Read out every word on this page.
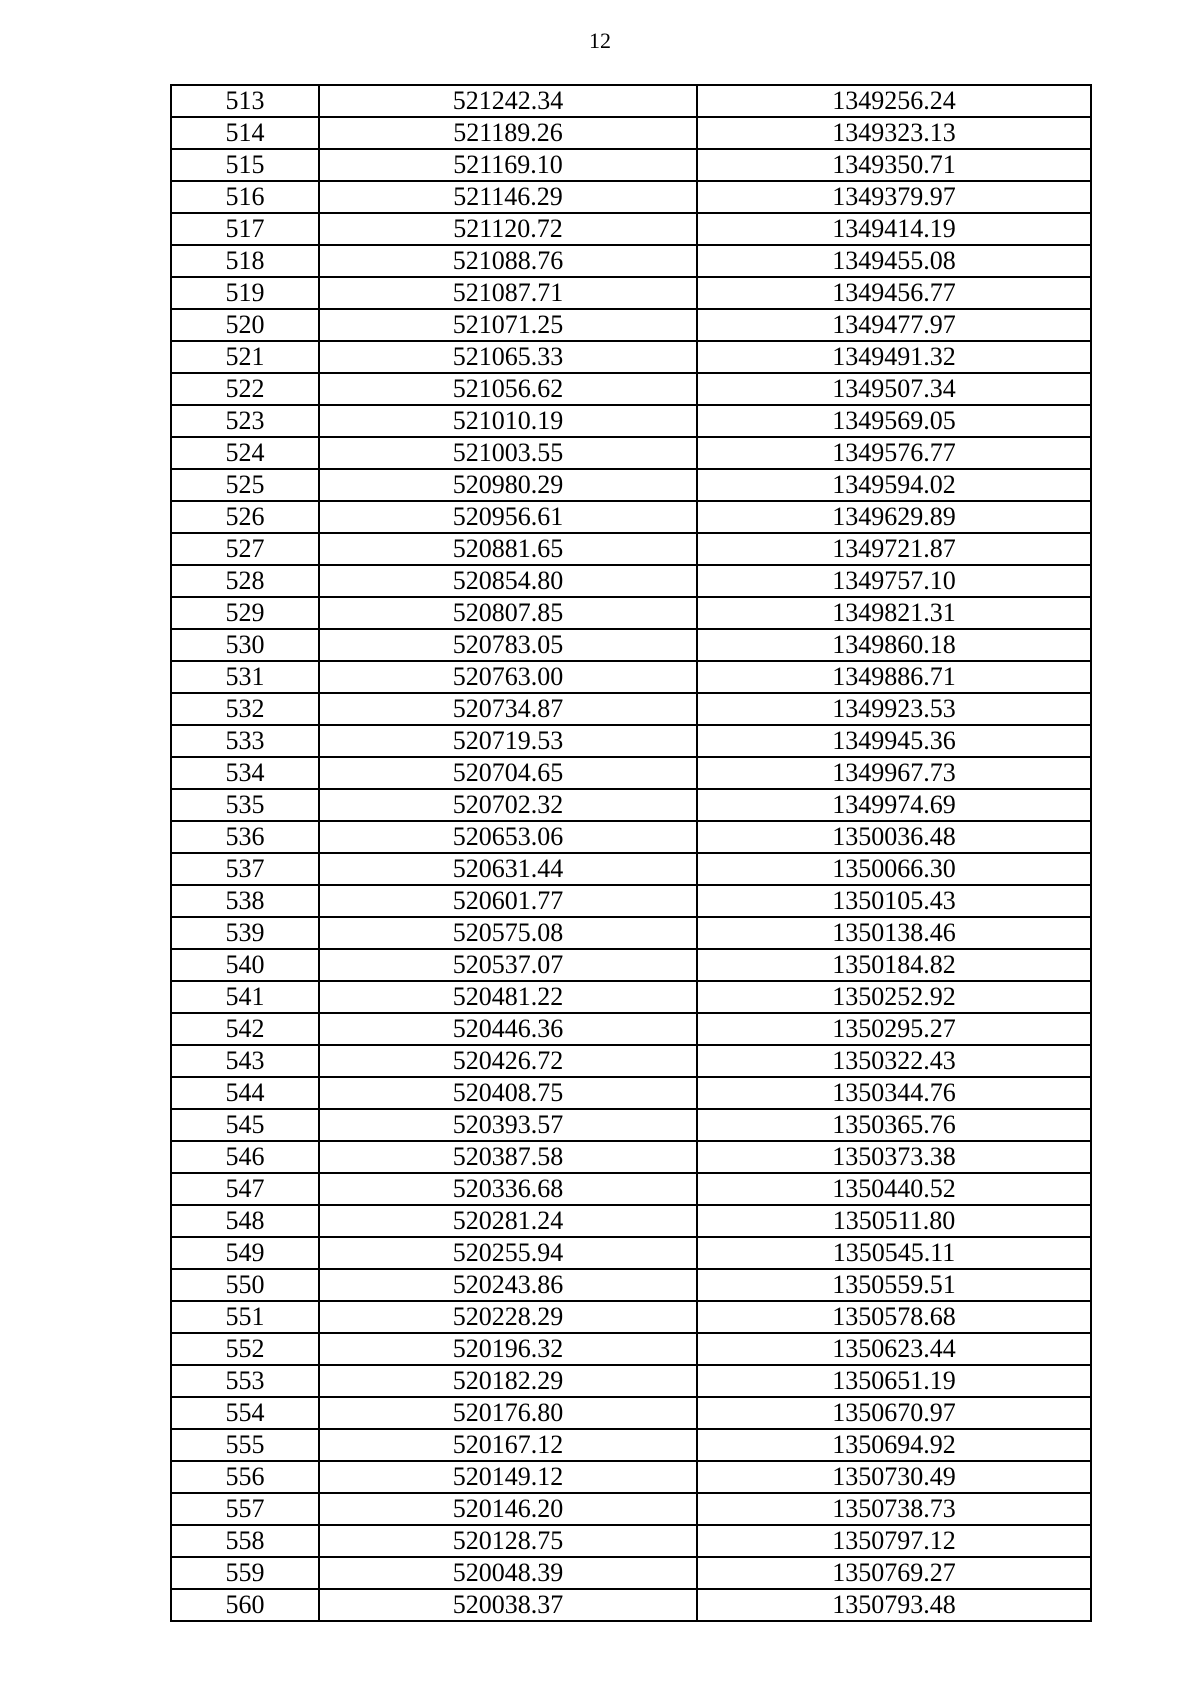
12
513	521242.34	1349256.24
514	521189.26	1349323.13
515	521169.10	1349350.71
516	521146.29	1349379.97
517	521120.72	1349414.19
518	521088.76	1349455.08
519	521087.71	1349456.77
520	521071.25	1349477.97
521	521065.33	1349491.32
522	521056.62	1349507.34
523	521010.19	1349569.05
524	521003.55	1349576.77
525	520980.29	1349594.02
526	520956.61	1349629.89
527	520881.65	1349721.87
528	520854.80	1349757.10
529	520807.85	1349821.31
530	520783.05	1349860.18
531	520763.00	1349886.71
532	520734.87	1349923.53
533	520719.53	1349945.36
534	520704.65	1349967.73
535	520702.32	1349974.69
536	520653.06	1350036.48
537	520631.44	1350066.30
538	520601.77	1350105.43
539	520575.08	1350138.46
540	520537.07	1350184.82
541	520481.22	1350252.92
542	520446.36	1350295.27
543	520426.72	1350322.43
544	520408.75	1350344.76
545	520393.57	1350365.76
546	520387.58	1350373.38
547	520336.68	1350440.52
548	520281.24	1350511.80
549	520255.94	1350545.11
550	520243.86	1350559.51
551	520228.29	1350578.68
552	520196.32	1350623.44
553	520182.29	1350651.19
554	520176.80	1350670.97
555	520167.12	1350694.92
556	520149.12	1350730.49
557	520146.20	1350738.73
558	520128.75	1350797.12
559	520048.39	1350769.27
560	520038.37	1350793.48
